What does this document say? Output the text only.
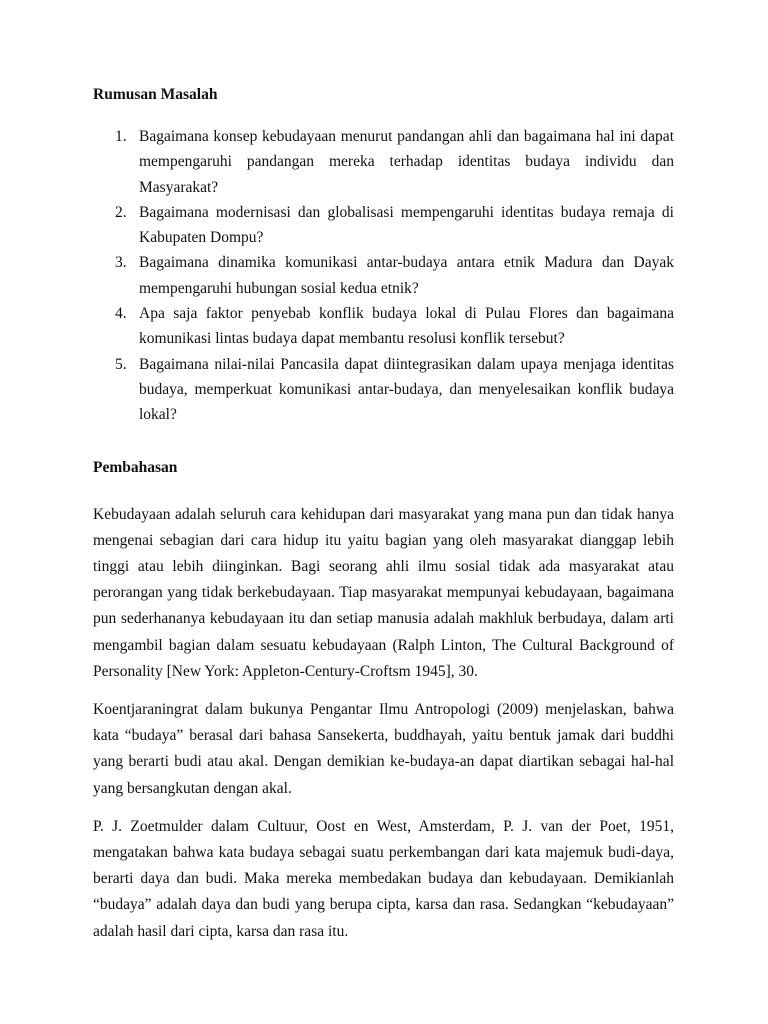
Rumusan Masalah
1. Bagaimana konsep kebudayaan menurut pandangan ahli dan bagaimana hal ini dapat mempengaruhi pandangan mereka terhadap identitas budaya individu dan Masyarakat?
2. Bagaimana modernisasi dan globalisasi mempengaruhi identitas budaya remaja di Kabupaten Dompu?
3. Bagaimana dinamika komunikasi antar-budaya antara etnik Madura dan Dayak mempengaruhi hubungan sosial kedua etnik?
4. Apa saja faktor penyebab konflik budaya lokal di Pulau Flores dan bagaimana komunikasi lintas budaya dapat membantu resolusi konflik tersebut?
5. Bagaimana nilai-nilai Pancasila dapat diintegrasikan dalam upaya menjaga identitas budaya, memperkuat komunikasi antar-budaya, dan menyelesaikan konflik budaya lokal?
Pembahasan

Kebudayaan adalah seluruh cara kehidupan dari masyarakat yang mana pun dan tidak hanya mengenai sebagian dari cara hidup itu yaitu bagian yang oleh masyarakat dianggap lebih tinggi atau lebih diinginkan. Bagi seorang ahli ilmu sosial tidak ada masyarakat atau perorangan yang tidak berkebudayaan. Tiap masyarakat mempunyai kebudayaan, bagaimana pun sederhananya kebudayaan itu dan setiap manusia adalah makhluk berbudaya, dalam arti mengambil bagian dalam sesuatu kebudayaan (Ralph Linton, The Cultural Background of Personality [New York: Appleton-Century-Croftsm 1945], 30.

Koentjaraningrat dalam bukunya Pengantar Ilmu Antropologi (2009) menjelaskan, bahwa kata “budaya” berasal dari bahasa Sansekerta, buddhayah, yaitu bentuk jamak dari buddhi yang berarti budi atau akal. Dengan demikian ke-budaya-an dapat diartikan sebagai hal-hal yang bersangkutan dengan akal.

P. J. Zoetmulder dalam Cultuur, Oost en West, Amsterdam, P. J. van der Poet, 1951, mengatakan bahwa kata budaya sebagai suatu perkembangan dari kata majemuk budi-daya, berarti daya dan budi. Maka mereka membedakan budaya dan kebudayaan. Demikianlah “budaya” adalah daya dan budi yang berupa cipta, karsa dan rasa. Sedangkan “kebudayaan” adalah hasil dari cipta, karsa dan rasa itu.
